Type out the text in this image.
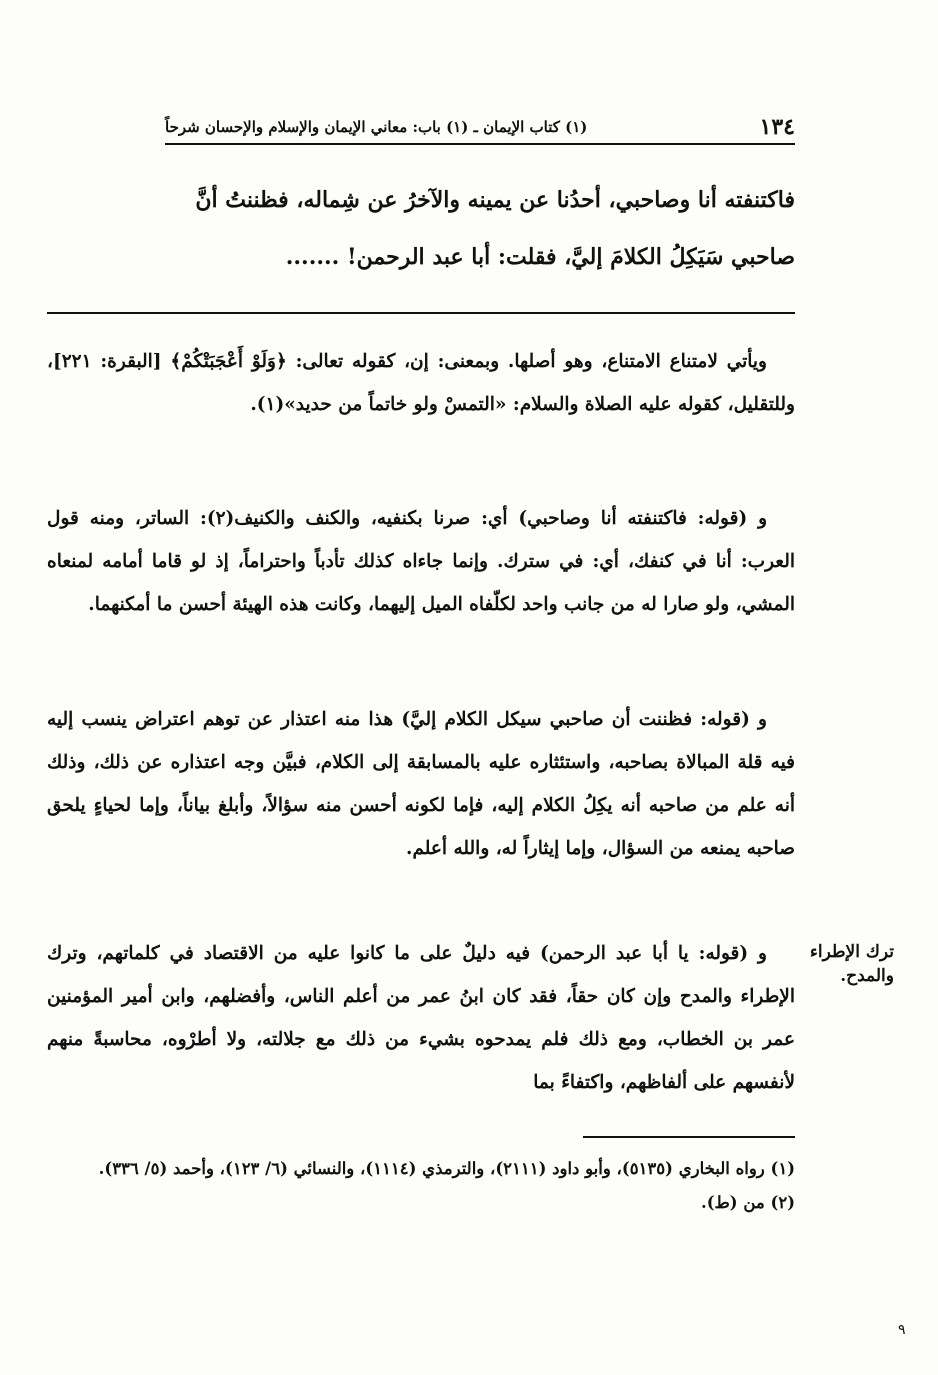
١٣٤
(١) كتاب الإيمان ـ (١) باب: معاني الإيمان والإسلام والإحسان شرحاً

فاكتنفته أنا وصاحبي، أحدُنا عن يمينه والآخرُ عن شِماله، فظننتُ أنَّ

صاحبي سَيَكِلُ الكلامَ إليَّ، فقلت: أبا عبد الرحمن! .......

ويأتي لامتناع الامتناع، وهو أصلها. وبمعنى: إن، كقوله تعالى: ﴿وَلَوْ أَعْجَبَتْكُمْ﴾ [البقرة: ٢٢١]، وللتقليل، كقوله عليه الصلاة والسلام: «التمسْ ولو خاتماً من حديد»(١).

و (قوله: فاكتنفته أنا وصاحبي) أي: صرنا بكنفيه، والكنف والكنيف(٢): الساتر، ومنه قول العرب: أنا في كنفك، أي: في سترك. وإنما جاءاه كذلك تأدباً واحتراماً، إذ لو قاما أمامه لمنعاه المشي، ولو صارا له من جانب واحد لكلّفاه الميل إليهما، وكانت هذه الهيئة أحسن ما أمكنهما.

و (قوله: فظننت أن صاحبي سيكل الكلام إليَّ) هذا منه اعتذار عن توهم اعتراض ينسب إليه فيه قلة المبالاة بصاحبه، واستئثاره عليه بالمسابقة إلى الكلام، فبيَّن وجه اعتذاره عن ذلك، وذلك أنه علم من صاحبه أنه يكِلُ الكلام إليه، فإما لكونه أحسن منه سؤالاً، وأبلغ بياناً، وإما لحياءٍ يلحق صاحبه يمنعه من السؤال، وإما إيثاراً له، والله أعلم.

و (قوله: يا أبا عبد الرحمن) فيه دليلٌ على ما كانوا عليه من الاقتصاد في كلماتهم، وترك الإطراء والمدح وإن كان حقاً، فقد كان ابنُ عمر من أعلم الناس، وأفضلهم، وابن أمير المؤمنين عمر بن الخطاب، ومع ذلك فلم يمدحوه بشيء من ذلك مع جلالته، ولا أطرْوه، محاسبةً منهم لأنفسهم على ألفاظهم، واكتفاءً بما

ترك الإطراء
والمدح.

(١) رواه البخاري (٥١٣٥)، وأبو داود (٢١١١)، والترمذي (١١١٤)، والنسائي (٦/ ١٢٣)، وأحمد (٥/ ٣٣٦).

(٢) من (ط).

٩
